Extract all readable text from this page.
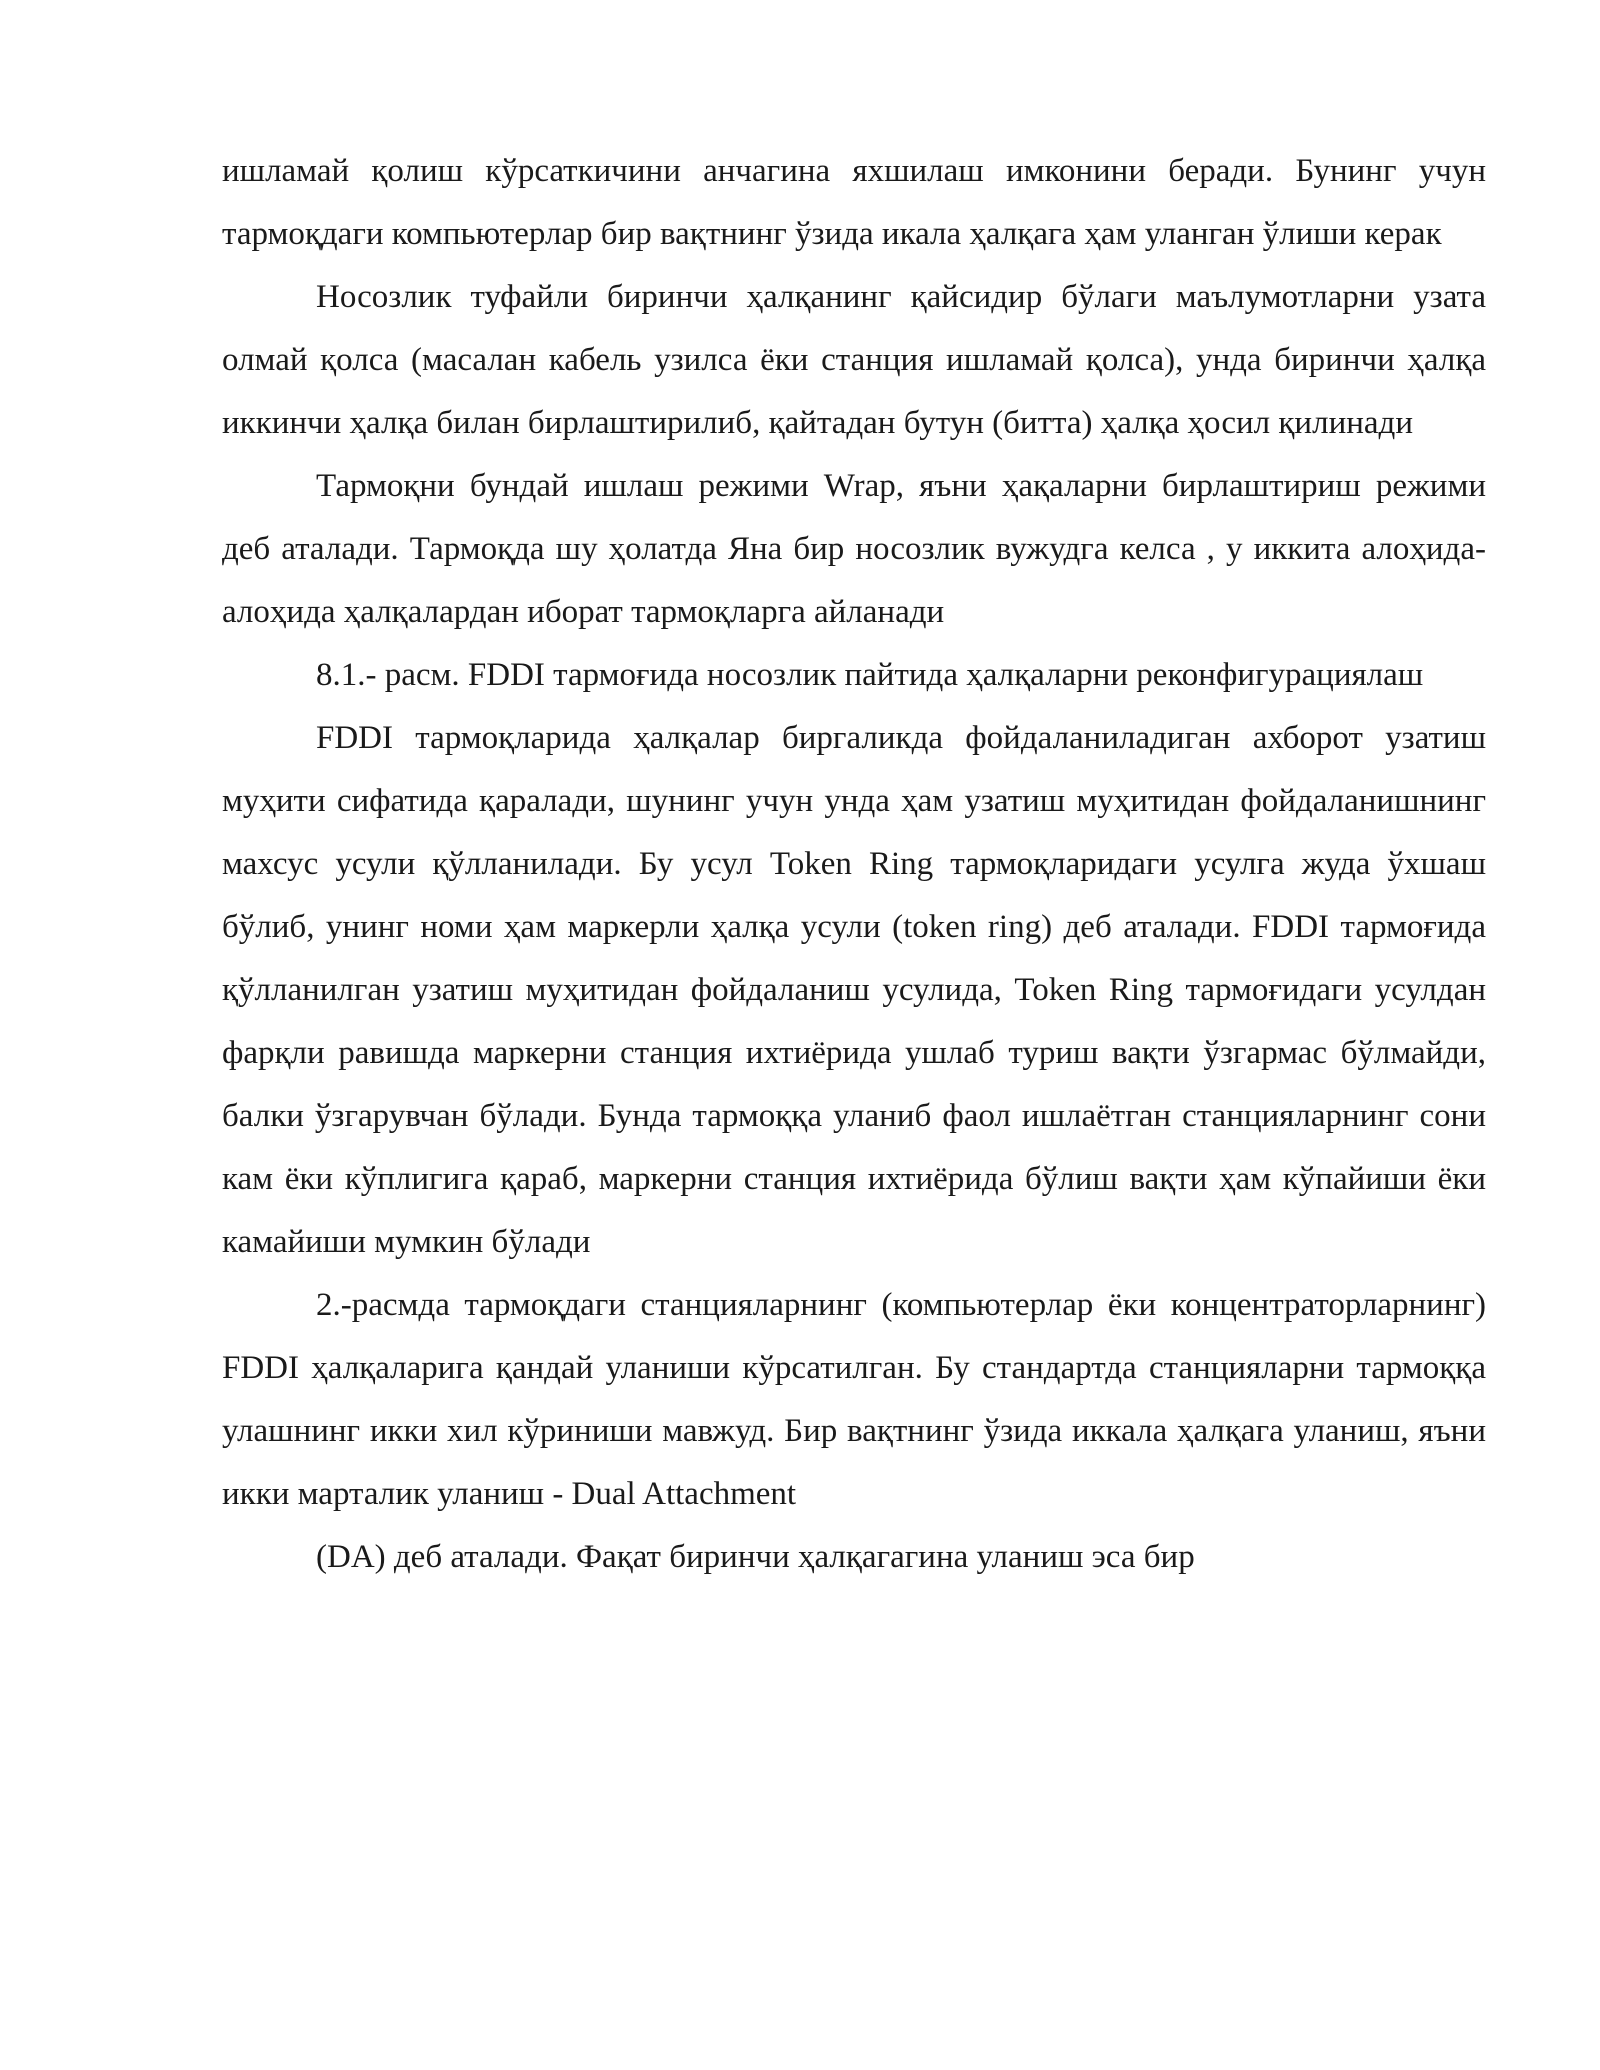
ишламай қолиш кўрсаткичини анчагина яхшилаш имконини беради. Бунинг учун тармоқдаги компьютерлар бир вақтнинг ўзида икала ҳалқага ҳам уланган ўлиши керак

Носозлик туфайли биринчи ҳалқанинг қайсидир бўлаги маълумотларни узата олмай қолса (масалан кабель узилса ёки станция ишламай қолса), унда биринчи ҳалқа иккинчи ҳалқа билан бирлаштирилиб, қайтадан бутун (битта) ҳалқа ҳосил қилинади

Тармоқни бундай ишлаш режими Wrap, яъни ҳақаларни бирлаштириш режими деб аталади. Тармоқда шу ҳолатда Яна бир носозлик вужудга келса , у иккита алоҳида-алоҳида ҳалқалардан иборат тармоқларга айланади

8.1.- расм. FDDI тармоғида носозлик пайтида ҳалқаларни реконфигурациялаш

FDDI тармоқларида ҳалқалар биргаликда фойдаланиладиган ахборот узатиш муҳити сифатида қаралади, шунинг учун унда ҳам узатиш муҳитидан фойдаланишнинг махсус усули қўлланилади. Бу усул Token Ring тармоқларидаги усулга жуда ўхшаш бўлиб, унинг номи ҳам маркерли ҳалқа усули (token ring) деб аталади. FDDI тармоғида қўлланилган узатиш муҳитидан фойдаланиш усулида, Token Ring тармоғидаги усулдан фарқли равишда маркерни станция ихтиёрида ушлаб туриш вақти ўзгармас бўлмайди, балки ўзгарувчан бўлади. Бунда тармоққа уланиб фаол ишлаётган станцияларнинг сони кам ёки кўплигига қараб, маркерни станция ихтиёрида бўлиш вақти ҳам кўпайиши ёки камайиши мумкин бўлади

2.-расмда тармоқдаги станцияларнинг (компьютерлар ёки концентраторларнинг) FDDI ҳалқаларига қандай уланиши кўрсатилган. Бу стандартда станцияларни тармоққа улашнинг икки хил кўриниши мавжуд. Бир вақтнинг ўзида иккала ҳалқага уланиш, яъни икки марталик уланиш - Dual Attachment

(DA) деб аталади. Фақат биринчи ҳалқагагина уланиш эса бир
